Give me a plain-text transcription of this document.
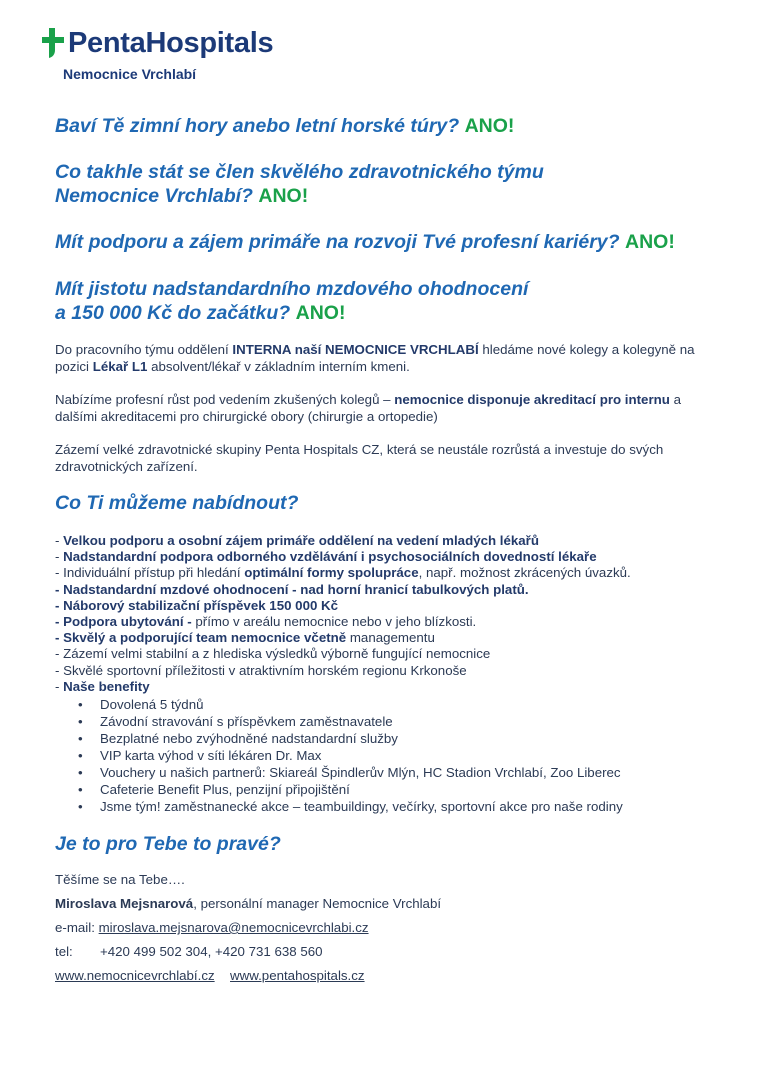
PentaHospitals
Nemocnice Vrchlabí

Baví Tě zimní hory anebo letní horské túry? ANO!

Co takhle stát se člen skvělého zdravotnického týmu
Nemocnice Vrchlabí? ANO!

Mít podporu a zájem primáře na rozvoji Tvé profesní kariéry? ANO!

Mít jistotu nadstandardního mzdového ohodnocení
a 150 000 Kč do začátku? ANO!

Do pracovního týmu oddělení INTERNA naší NEMOCNICE VRCHLABÍ hledáme nové kolegy a kolegyně na pozici Lékař L1 absolvent/lékař v základním interním kmeni.

Nabízíme profesní růst pod vedením zkušených kolegů – nemocnice disponuje akreditací pro internu a dalšími akreditacemi pro chirurgické obory (chirurgie a ortopedie)

Zázemí velké zdravotnické skupiny Penta Hospitals CZ, která se neustále rozrůstá a investuje do svých zdravotnických zařízení.

Co Ti můžeme nabídnout?

- Velkou podporu a osobní zájem primáře oddělení na vedení mladých lékařů
- Nadstandardní podpora odborného vzdělávání i psychosociálních dovedností lékaře
- Individuální přístup při hledání optimální formy spolupráce, např. možnost zkrácených úvazků.
- Nadstandardní mzdové ohodnocení - nad horní hranicí tabulkových platů.
- Náborový stabilizační příspěvek 150 000 Kč
- Podpora ubytování - přímo v areálu nemocnice nebo v jeho blízkosti.
- Skvělý a podporující team nemocnice včetně managementu
- Zázemí velmi stabilní a z hlediska výsledků výborně fungující nemocnice
- Skvělé sportovní příležitosti v atraktivním horském regionu Krkonoše
- Naše benefity
•	Dovolená 5 týdnů
•	Závodní stravování s příspěvkem zaměstnavatele
•	Bezplatné nebo zvýhodněné nadstandardní služby
•	VIP karta výhod v síti lékáren Dr. Max
•	Vouchery u našich partnerů: Skiareál Špindlerův Mlýn, HC Stadion Vrchlabí, Zoo Liberec
•	Cafeterie Benefit Plus, penzijní připojištění
•	Jsme tým! zaměstnanecké akce – teambuildingy, večírky, sportovní akce pro naše rodiny

Je to pro Tebe to pravé?

Těšíme se na Tebe….
Miroslava Mejsnarová, personální manager Nemocnice Vrchlabí
e-mail: miroslava.mejsnarova@nemocnicevrchlabi.cz
tel: +420 499 502 304, +420 731 638 560
www.nemocnicevrchlabí.cz www.pentahospitals.cz
